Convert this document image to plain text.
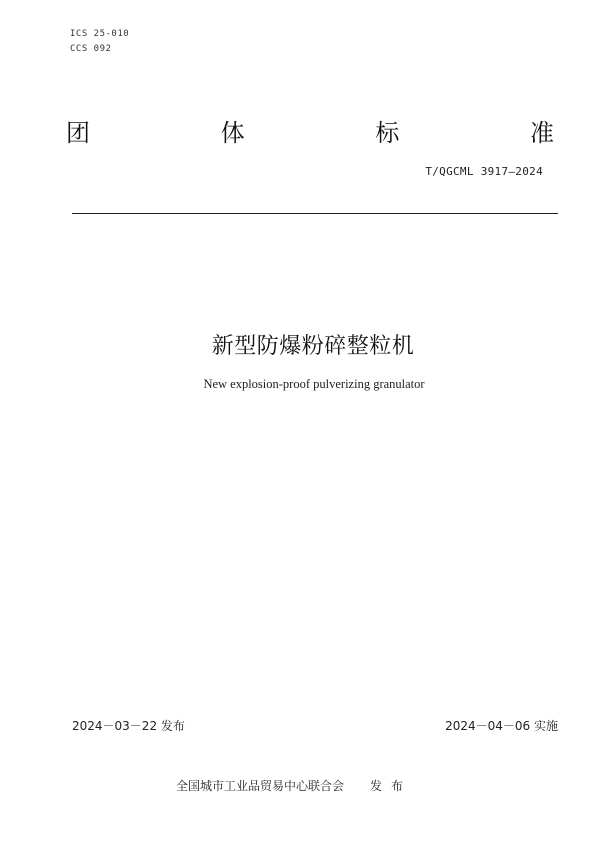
ICS 25-010
CCS 092
团	体	标	准
T/QGCML 3917—2024
新型防爆粉碎整粒机
New explosion-proof pulverizing granulator
2024－03－22 发布	2024－04－06 实施
全国城市工业品贸易中心联合会 发布
